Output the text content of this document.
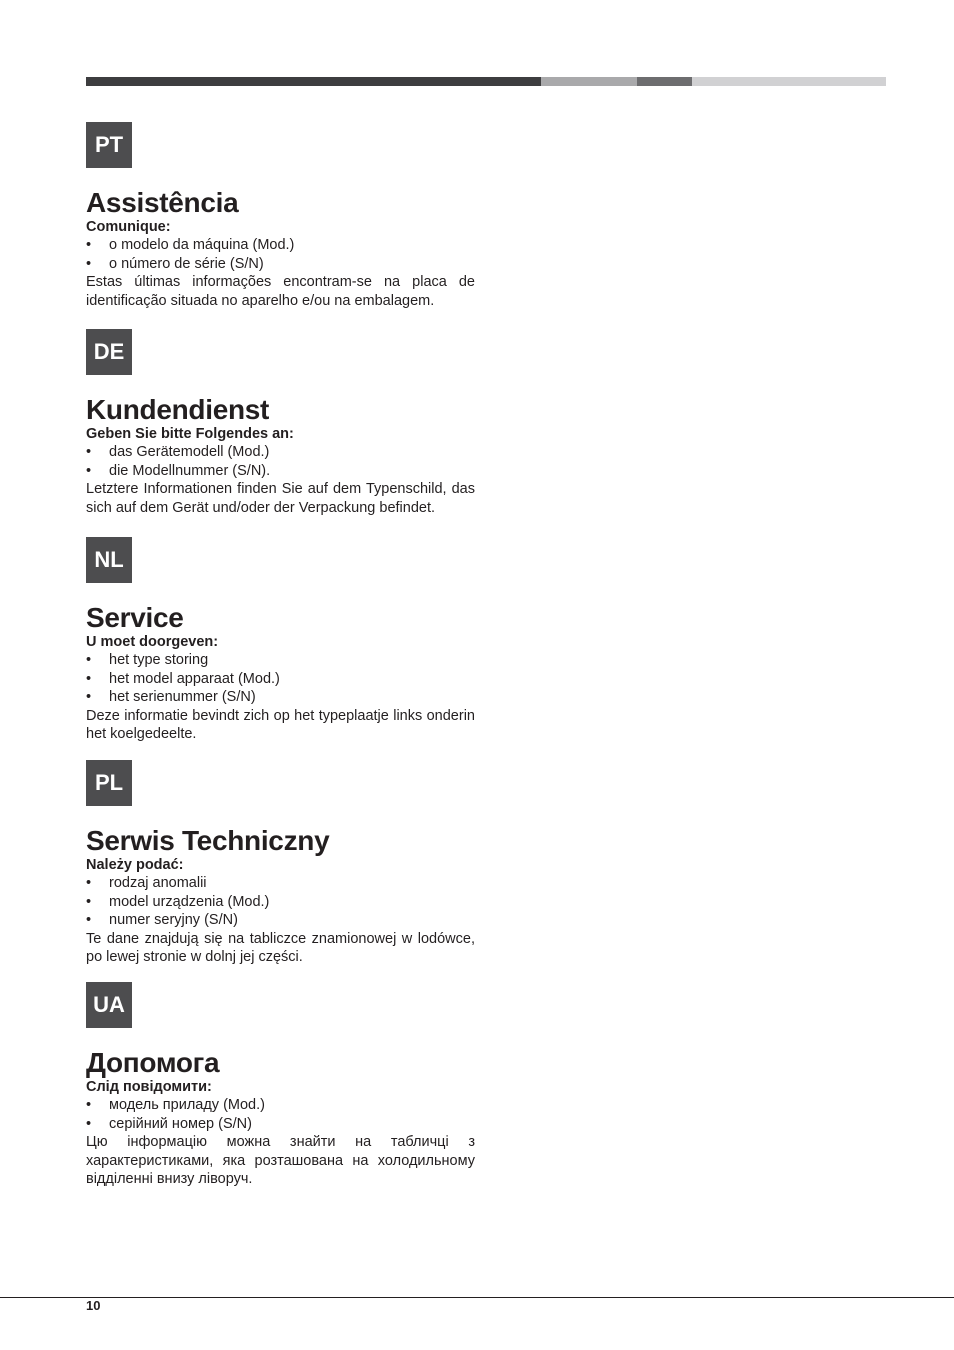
PT
Assistência

Comunique:

• o modelo da máquina (Mod.)
• o número de série (S/N)

Estas últimas informações encontram-se na placa de identificação situada no aparelho e/ou na embalagem.

DE
Kundendienst

Geben Sie bitte Folgendes an:

• das Gerätemodell (Mod.)
• die Modellnummer (S/N).

Letztere Informationen finden Sie auf dem Typenschild, das sich auf dem Gerät und/oder der Verpackung befindet.

NL
Service

U moet doorgeven:

• het type storing
• het model apparaat (Mod.)
• het serienummer (S/N)

Deze informatie bevindt zich op het typeplaatje links onderin het koelgedeelte.

PL
Serwis Techniczny

Należy podać:

• rodzaj anomalii
• model urządzenia (Mod.)
• numer seryjny (S/N)

Te dane znajdują się na tabliczce znamionowej w lodówce, po lewej stronie w dolnj jej części.

UA
Допомога

Слід повідомити:

• модель приладу (Mod.)
• серійний номер (S/N)

Цю інформацію можна знайти на табличці з характеристиками, яка розташована на холодильному відділенні внизу ліворуч.

10
